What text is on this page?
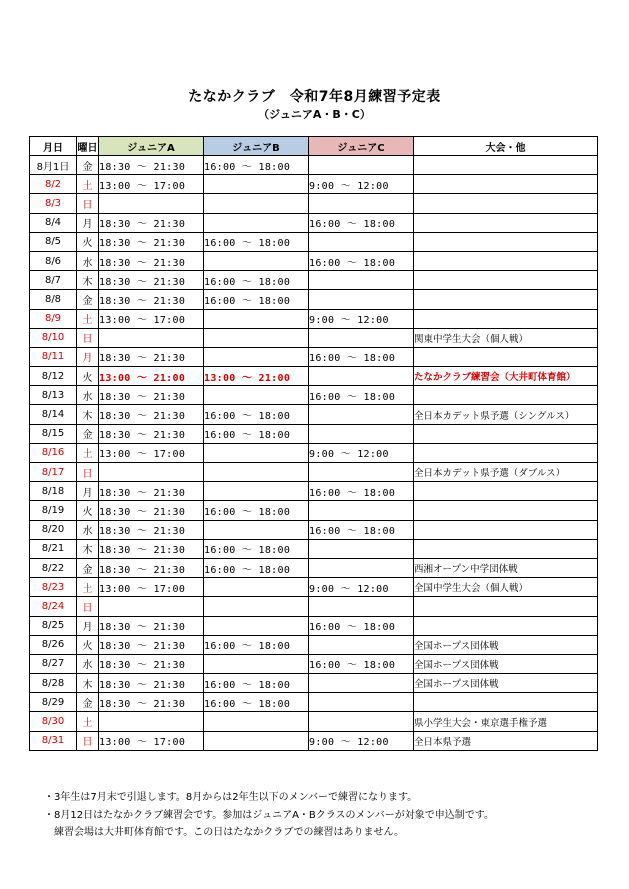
たなかクラブ　令和7年8月練習予定表
（ジュニアA・B・C）
月日	曜日	ジュニアA	ジュニアB	ジュニアC	大会・他
8月1日	金	18:30 ～ 21:30	16:00 ～ 18:00		
8/2	土	13:00 ～ 17:00		9:00 ～ 12:00	
8/3	日				
8/4	月	18:30 ～ 21:30		16:00 ～ 18:00	
8/5	火	18:30 ～ 21:30	16:00 ～ 18:00		
8/6	水	18:30 ～ 21:30		16:00 ～ 18:00	
8/7	木	18:30 ～ 21:30	16:00 ～ 18:00		
8/8	金	18:30 ～ 21:30	16:00 ～ 18:00		
8/9	土	13:00 ～ 17:00		9:00 ～ 12:00	
8/10	日				関東中学生大会（個人戦）
8/11	月	18:30 ～ 21:30		16:00 ～ 18:00	
8/12	火	13:00 ～ 21:00	13:00 ～ 21:00		たなかクラブ練習会（大井町体育館）
8/13	水	18:30 ～ 21:30		16:00 ～ 18:00	
8/14	木	18:30 ～ 21:30	16:00 ～ 18:00		全日本カデット県予選（シングルス）
8/15	金	18:30 ～ 21:30	16:00 ～ 18:00		
8/16	土	13:00 ～ 17:00		9:00 ～ 12:00	
8/17	日				全日本カデット県予選（ダブルス）
8/18	月	18:30 ～ 21:30		16:00 ～ 18:00	
8/19	火	18:30 ～ 21:30	16:00 ～ 18:00		
8/20	水	18:30 ～ 21:30		16:00 ～ 18:00	
8/21	木	18:30 ～ 21:30	16:00 ～ 18:00		
8/22	金	18:30 ～ 21:30	16:00 ～ 18:00		西湘オープン中学団体戦
8/23	土	13:00 ～ 17:00		9:00 ～ 12:00	全国中学生大会（個人戦）
8/24	日				
8/25	月	18:30 ～ 21:30		16:00 ～ 18:00	
8/26	火	18:30 ～ 21:30	16:00 ～ 18:00		全国ホープス団体戦
8/27	水	18:30 ～ 21:30		16:00 ～ 18:00	全国ホープス団体戦
8/28	木	18:30 ～ 21:30	16:00 ～ 18:00		全国ホープス団体戦
8/29	金	18:30 ～ 21:30	16:00 ～ 18:00		
8/30	土				県小学生大会・東京選手権予選
8/31	日	13:00 ～ 17:00		9:00 ～ 12:00	全日本県予選
・3年生は7月末で引退します。8月からは2年生以下のメンバーで練習になります。
・8月12日はたなかクラブ練習会です。参加はジュニアA・Bクラスのメンバーが対象で申込制です。
　練習会場は大井町体育館です。この日はたなかクラブでの練習はありません。
